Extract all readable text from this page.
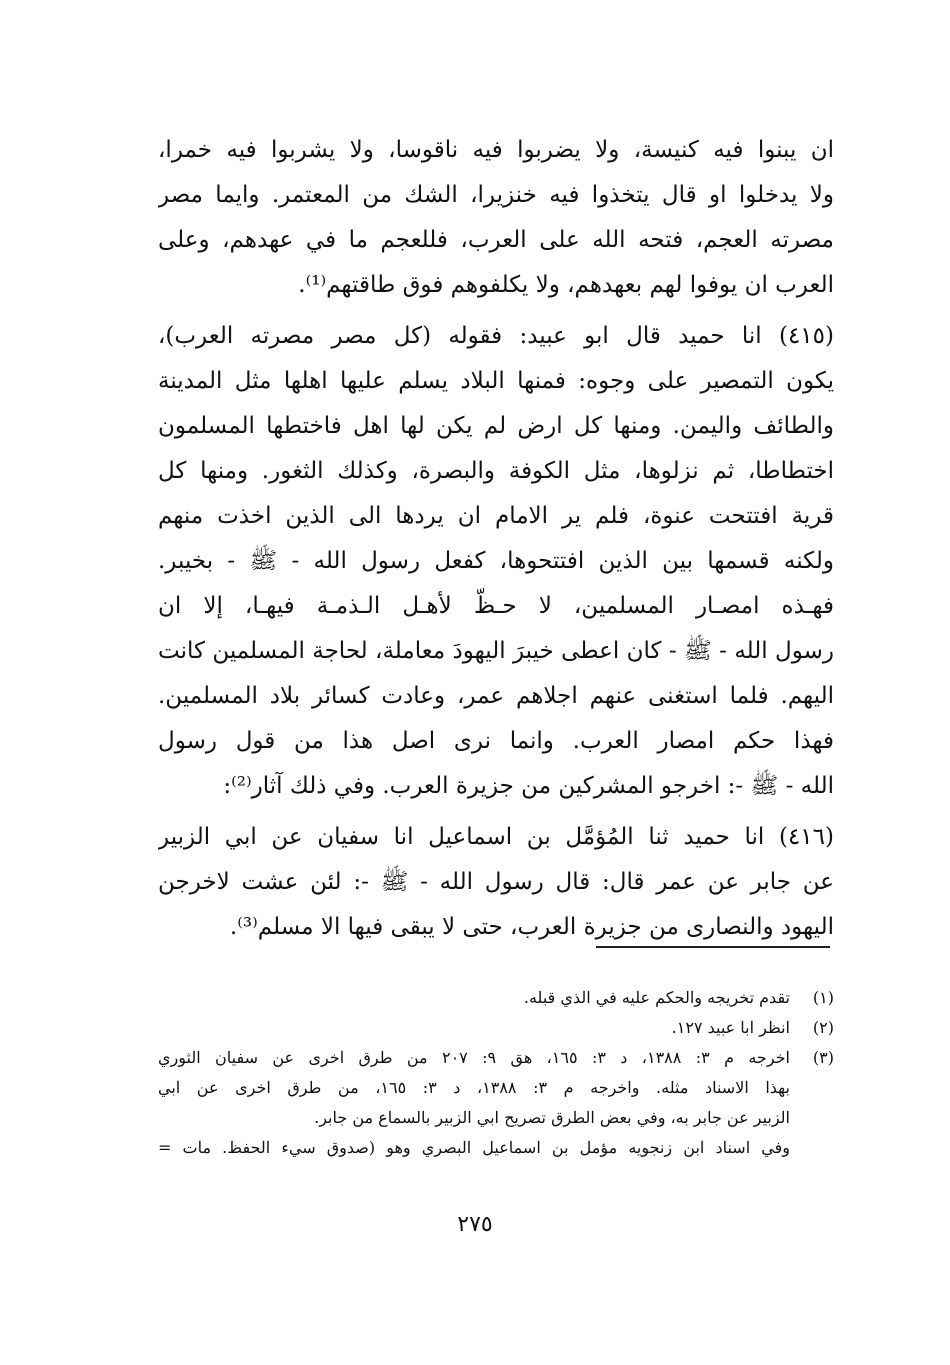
ان يبنوا فيه كنيسة، ولا يضربوا فيه ناقوسا، ولا يشربوا فيه خمرا،
ولا يدخلوا او قال يتخذوا فيه خنزيرا، الشك من المعتمر. وايما مصر
مصرته العجم، فتحه الله على العرب، فللعجم ما في عهدهم، وعلى
العرب ان يوفوا لهم بعهدهم، ولا يكلفوهم فوق طاقتهم⁽¹⁾.
(٤١٥) انا حميد قال ابو عبيد: فقوله (كل مصر مصرته العرب)،
يكون التمصير على وجوه: فمنها البلاد يسلم عليها اهلها مثل المدينة
والطائف واليمن. ومنها كل ارض لم يكن لها اهل فاختطها المسلمون
اختطاطا، ثم نزلوها، مثل الكوفة والبصرة، وكذلك الثغور. ومنها كل
قرية افتتحت عنوة، فلم ير الامام ان يردها الى الذين اخذت منهم
ولكنه قسمها بين الذين افتتحوها، كفعل رسول الله - ﷺ - بخيبر.
فهـذه امصـار المسلمين، لا حـظّ لأهـل الـذمـة فيهـا، إلا ان
رسول الله - ﷺ - كان اعطى خيبرَ اليهودَ معاملة، لحاجة المسلمين كانت
اليهم. فلما استغنى عنهم اجلاهم عمر، وعادت كسائر بلاد المسلمين.
فهذا حكم امصار العرب. وانما نرى اصل هذا من قول رسول
الله - ﷺ -: اخرجو المشركين من جزيرة العرب. وفي ذلك آثار⁽²⁾:
(٤١٦) انا حميد ثنا المُؤمَّل بن اسماعيل انا سفيان عن ابي الزبير
عن جابر عن عمر قال: قال رسول الله - ﷺ -: لئن عشت لاخرجن
اليهود والنصارى من جزيرة العرب، حتى لا يبقى فيها الا مسلم⁽³⁾.
(١)
تقدم تخريجه والحكم عليه في الذي قبله.
(٢)
انظر ابا عبيد ١٢٧.
(٣)
اخرجه م ٣: ١٣٨٨، د ٣: ١٦٥، هق ٩: ٢٠٧ من طرق اخرى عن سفيان الثوري
بهذا الاسناد مثله. واخرجه م ٣: ١٣٨٨، د ٣: ١٦٥، من طرق اخرى عن ابي
الزبير عن جابر به، وفي بعض الطرق تصريح ابي الزبير بالسماع من جابر.
وفي اسناد ابن زنجويه مؤمل بن اسماعيل البصري وهو (صدوق سيء الحفظ. مات =
٢٧٥
